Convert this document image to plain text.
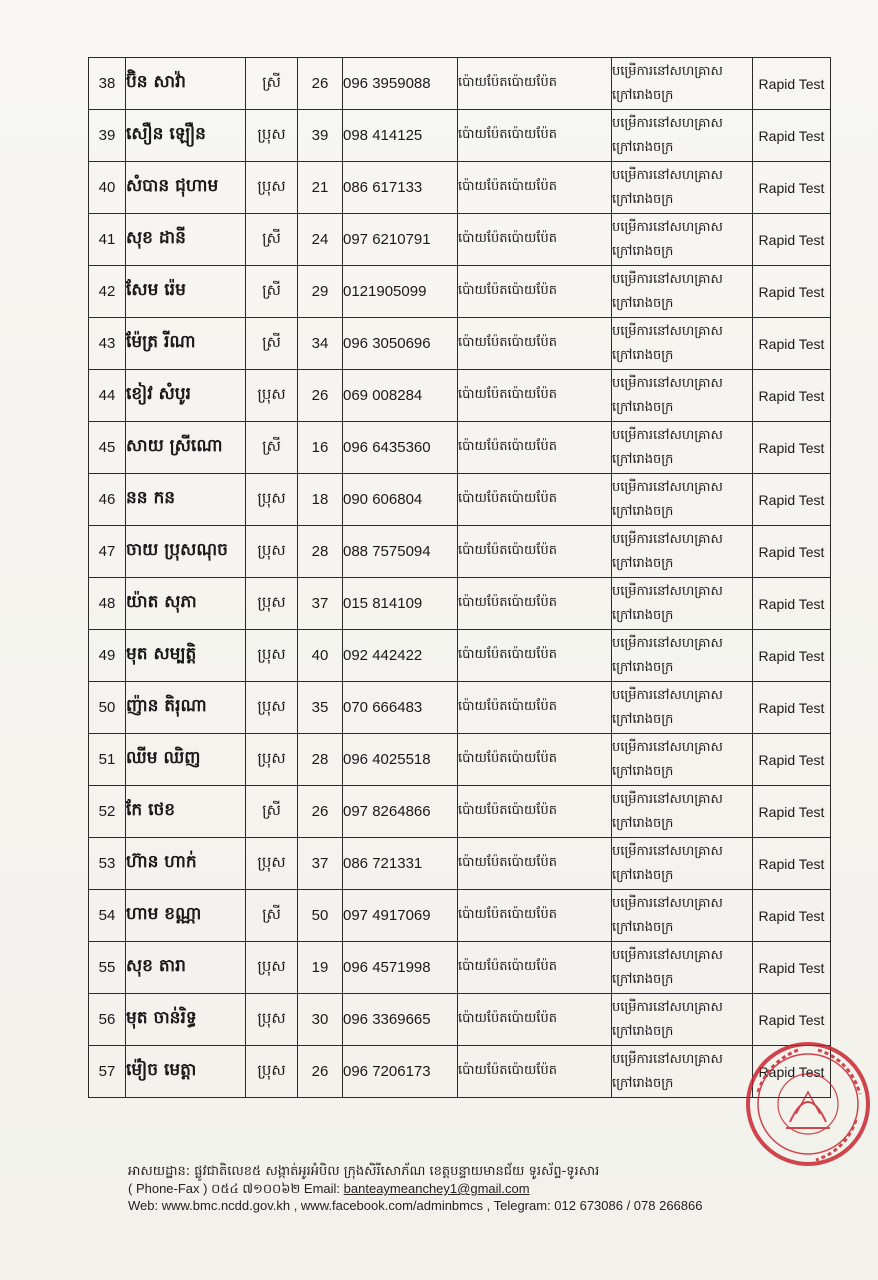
38	ប៊ិន សាវ៉ា	ស្រី	26	096 3959088	ប៉ោយប៉ែតប៉ោយប៉ែត	បម្រើការនៅសហគ្រាស
ក្រៅរោងចក្រ	Rapid Test
39	សឿន ឡឿន	ប្រុស	39	098 414125	ប៉ោយប៉ែតប៉ោយប៉ែត	បម្រើការនៅសហគ្រាស
ក្រៅរោងចក្រ	Rapid Test
40	សំបាន ជុហាម	ប្រុស	21	086 617133	ប៉ោយប៉ែតប៉ោយប៉ែត	បម្រើការនៅសហគ្រាស
ក្រៅរោងចក្រ	Rapid Test
41	សុខ ដានី	ស្រី	24	097 6210791	ប៉ោយប៉ែតប៉ោយប៉ែត	បម្រើការនៅសហគ្រាស
ក្រៅរោងចក្រ	Rapid Test
42	សែម រ៉េម	ស្រី	29	0121905099	ប៉ោយប៉ែតប៉ោយប៉ែត	បម្រើការនៅសហគ្រាស
ក្រៅរោងចក្រ	Rapid Test
43	ម៉ែត្រ រីណា	ស្រី	34	096 3050696	ប៉ោយប៉ែតប៉ោយប៉ែត	បម្រើការនៅសហគ្រាស
ក្រៅរោងចក្រ	Rapid Test
44	ខៀវ សំបូរ	ប្រុស	26	069 008284	ប៉ោយប៉ែតប៉ោយប៉ែត	បម្រើការនៅសហគ្រាស
ក្រៅរោងចក្រ	Rapid Test
45	សាយ ស្រីណោ	ស្រី	16	096 6435360	ប៉ោយប៉ែតប៉ោយប៉ែត	បម្រើការនៅសហគ្រាស
ក្រៅរោងចក្រ	Rapid Test
46	នន កន	ប្រុស	18	090 606804	ប៉ោយប៉ែតប៉ោយប៉ែត	បម្រើការនៅសហគ្រាស
ក្រៅរោងចក្រ	Rapid Test
47	ចាយ ប្រុសណុច	ប្រុស	28	088 7575094	ប៉ោយប៉ែតប៉ោយប៉ែត	បម្រើការនៅសហគ្រាស
ក្រៅរោងចក្រ	Rapid Test
48	យ៉ាត សុភា	ប្រុស	37	015 814109	ប៉ោយប៉ែតប៉ោយប៉ែត	បម្រើការនៅសហគ្រាស
ក្រៅរោងចក្រ	Rapid Test
49	មុត សម្បត្តិ	ប្រុស	40	092 442422	ប៉ោយប៉ែតប៉ោយប៉ែត	បម្រើការនៅសហគ្រាស
ក្រៅរោងចក្រ	Rapid Test
50	ញ៉ាន តិរុណា	ប្រុស	35	070 666483	ប៉ោយប៉ែតប៉ោយប៉ែត	បម្រើការនៅសហគ្រាស
ក្រៅរោងចក្រ	Rapid Test
51	ឈីម ឈិញ	ប្រុស	28	096 4025518	ប៉ោយប៉ែតប៉ោយប៉ែត	បម្រើការនៅសហគ្រាស
ក្រៅរោងចក្រ	Rapid Test
52	កែ ថេខ	ស្រី	26	097 8264866	ប៉ោយប៉ែតប៉ោយប៉ែត	បម្រើការនៅសហគ្រាស
ក្រៅរោងចក្រ	Rapid Test
53	ហ៊ាន ហាក់	ប្រុស	37	086 721331	ប៉ោយប៉ែតប៉ោយប៉ែត	បម្រើការនៅសហគ្រាស
ក្រៅរោងចក្រ	Rapid Test
54	ហាម ខណ្ណា	ស្រី	50	097 4917069	ប៉ោយប៉ែតប៉ោយប៉ែត	បម្រើការនៅសហគ្រាស
ក្រៅរោងចក្រ	Rapid Test
55	សុខ តារា	ប្រុស	19	096 4571998	ប៉ោយប៉ែតប៉ោយប៉ែត	បម្រើការនៅសហគ្រាស
ក្រៅរោងចក្រ	Rapid Test
56	មុត ចាន់រិទ្ធ	ប្រុស	30	096 3369665	ប៉ោយប៉ែតប៉ោយប៉ែត	បម្រើការនៅសហគ្រាស
ក្រៅរោងចក្រ	Rapid Test
57	ម៉ៀច មេត្តា	ប្រុស	26	096 7206173	ប៉ោយប៉ែតប៉ោយប៉ែត	បម្រើការនៅសហគ្រាស
ក្រៅរោងចក្រ	Rapid Test
អាសយដ្ឋាន: ផ្លូវជាតិលេខ៥ សង្កាត់អូរអំបិល ក្រុងសិរីសោភ័ណ ខេត្តបន្ទាយមានជ័យ ទូរស័ព្ទ-ទូរសារ
( Phone-Fax ) ០៥៤ ៧១០០៦២ Email: banteaymeanchey1@gmail.com
Web: www.bmc.ncdd.gov.kh , www.facebook.com/adminbmcs , Telegram: 012 673086 / 078 266866
